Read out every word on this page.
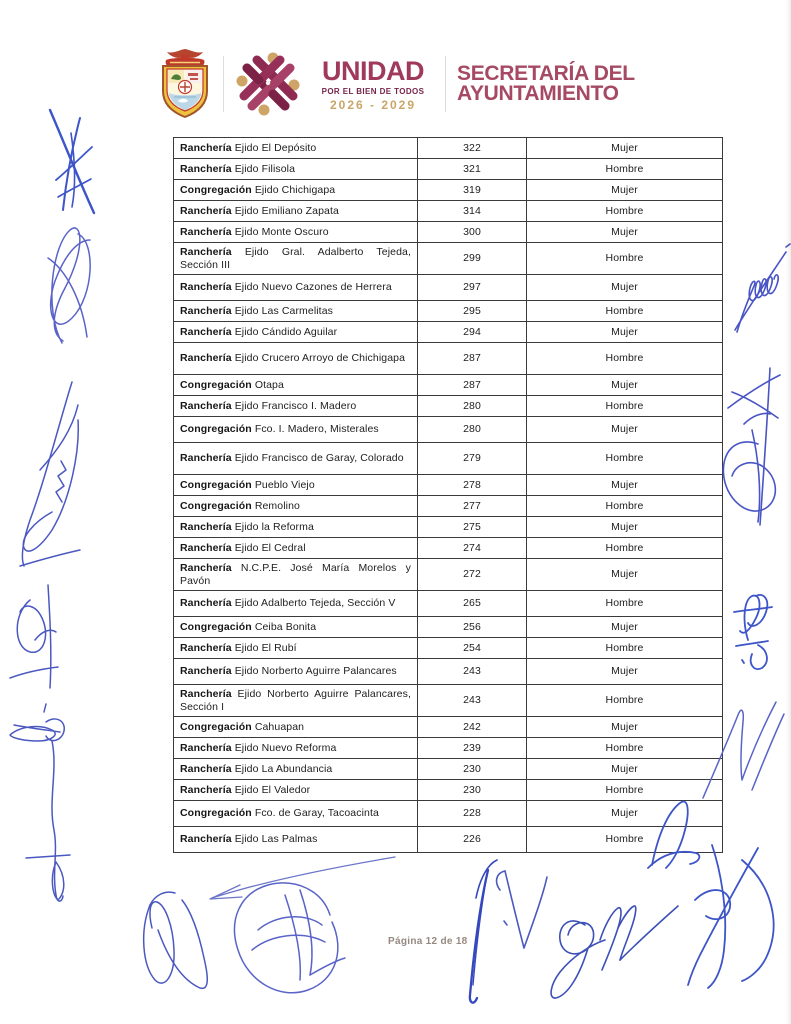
UNIDAD
POR EL BIEN DE TODOS
2026 - 2029
SECRETARÍA DEL
AYUNTAMIENTO
Ranchería Ejido El Depósito	322	Mujer
Ranchería Ejido Filisola	321	Hombre
Congregación Ejido Chichigapa	319	Mujer
Ranchería Ejido Emiliano Zapata	314	Hombre
Ranchería Ejido Monte Oscuro	300	Mujer
Ranchería Ejido Gral. Adalberto Tejeda, Sección III	299	Hombre
Ranchería Ejido Nuevo Cazones de Herrera	297	Mujer
Ranchería Ejido Las Carmelitas	295	Hombre
Ranchería Ejido Cándido Aguilar	294	Mujer
Ranchería Ejido Crucero Arroyo de Chichigapa	287	Hombre
Congregación Otapa	287	Mujer
Ranchería Ejido Francisco I. Madero	280	Hombre
Congregación Fco. I. Madero, Misterales	280	Mujer
Ranchería Ejido Francisco de Garay, Colorado	279	Hombre
Congregación Pueblo Viejo	278	Mujer
Congregación Remolino	277	Hombre
Ranchería Ejido la Reforma	275	Mujer
Ranchería Ejido El Cedral	274	Hombre
Ranchería N.C.P.E. José María Morelos y Pavón	272	Mujer
Ranchería Ejido Adalberto Tejeda, Sección V	265	Hombre
Congregación Ceiba Bonita	256	Mujer
Ranchería Ejido El Rubí	254	Hombre
Ranchería Ejido Norberto Aguirre Palancares	243	Mujer
Ranchería Ejido Norberto Aguirre Palancares, Sección I	243	Hombre
Congregación Cahuapan	242	Mujer
Ranchería Ejido Nuevo Reforma	239	Hombre
Ranchería Ejido La Abundancia	230	Mujer
Ranchería Ejido El Valedor	230	Hombre
Congregación Fco. de Garay, Tacoacinta	228	Mujer
Ranchería Ejido Las Palmas	226	Hombre
Página 12 de 18
